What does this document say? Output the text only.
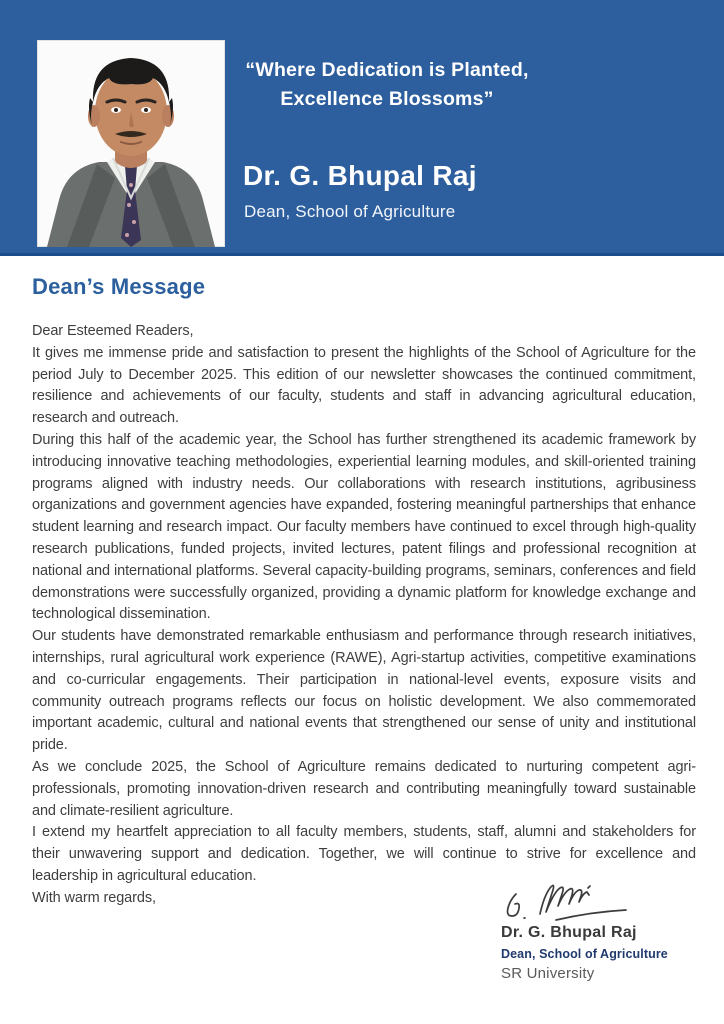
“Where Dedication is Planted,
Excellence Blossoms”
Dr. G. Bhupal Raj
Dean, School of Agriculture
Dean’s Message

Dear Esteemed Readers,

It gives me immense pride and satisfaction to present the highlights of the School of Agriculture for the period July to December 2025. This edition of our newsletter showcases the continued commitment, resilience and achievements of our faculty, students and staff in advancing agricultural education, research and outreach.

During this half of the academic year, the School has further strengthened its academic framework by introducing innovative teaching methodologies, experiential learning modules, and skill-oriented training programs aligned with industry needs. Our collaborations with research institutions, agribusiness organizations and government agencies have expanded, fostering meaningful partnerships that enhance student learning and research impact. Our faculty members have continued to excel through high-quality research publications, funded projects, invited lectures, patent filings and professional recognition at national and international platforms. Several capacity-building programs, seminars, conferences and field demonstrations were successfully organized, providing a dynamic platform for knowledge exchange and technological dissemination.

Our students have demonstrated remarkable enthusiasm and performance through research initiatives, internships, rural agricultural work experience (RAWE), Agri-startup activities, competitive examinations and co-curricular engagements. Their participation in national-level events, exposure visits and community outreach programs reflects our focus on holistic development. We also commemorated important academic, cultural and national events that strengthened our sense of unity and institutional pride.

As we conclude 2025, the School of Agriculture remains dedicated to nurturing competent agri-professionals, promoting innovation-driven research and contributing meaningfully toward sustainable and climate-resilient agriculture.

I extend my heartfelt appreciation to all faculty members, students, staff, alumni and stakeholders for their unwavering support and dedication. Together, we will continue to strive for excellence and leadership in agricultural education.

With warm regards,

Dr. G. Bhupal Raj
Dean, School of Agriculture
SR University
